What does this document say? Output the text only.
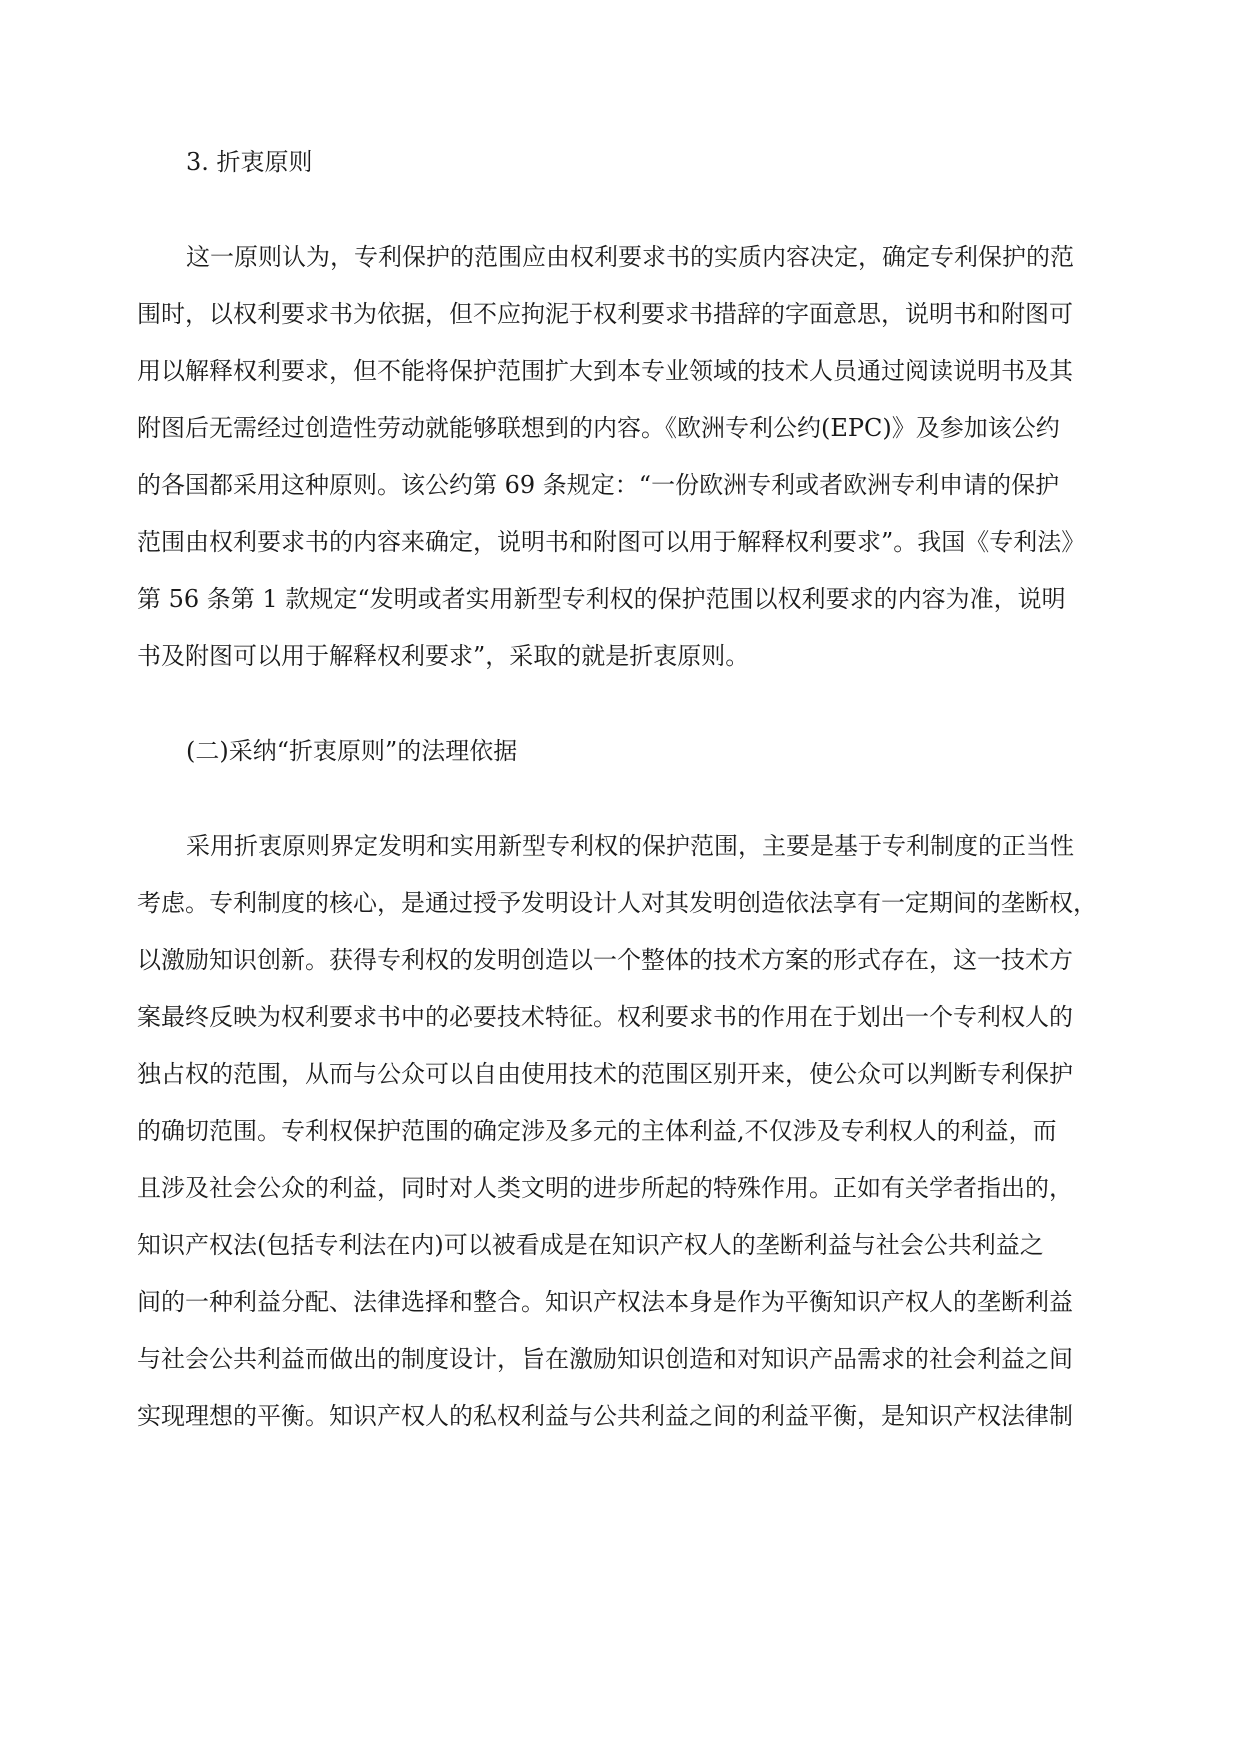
3. 折衷原则
这一原则认为，专利保护的范围应由权利要求书的实质内容决定，确定专利保护的范
围时，以权利要求书为依据，但不应拘泥于权利要求书措辞的字面意思，说明书和附图可
用以解释权利要求，但不能将保护范围扩大到本专业领域的技术人员通过阅读说明书及其
附图后无需经过创造性劳动就能够联想到的内容。《欧洲专利公约(EPC)》及参加该公约
的各国都采用这种原则。该公约第 69 条规定：“一份欧洲专利或者欧洲专利申请的保护
范围由权利要求书的内容来确定，说明书和附图可以用于解释权利要求”。我国《专利法》
第 56 条第 1 款规定“发明或者实用新型专利权的保护范围以权利要求的内容为准，说明
书及附图可以用于解释权利要求”，采取的就是折衷原则。
(二)采纳“折衷原则”的法理依据
采用折衷原则界定发明和实用新型专利权的保护范围，主要是基于专利制度的正当性
考虑。专利制度的核心，是通过授予发明设计人对其发明创造依法享有一定期间的垄断权，
以激励知识创新。获得专利权的发明创造以一个整体的技术方案的形式存在，这一技术方
案最终反映为权利要求书中的必要技术特征。权利要求书的作用在于划出一个专利权人的
独占权的范围，从而与公众可以自由使用技术的范围区别开来，使公众可以判断专利保护
的确切范围。专利权保护范围的确定涉及多元的主体利益,不仅涉及专利权人的利益，而
且涉及社会公众的利益，同时对人类文明的进步所起的特殊作用。正如有关学者指出的，
知识产权法(包括专利法在内)可以被看成是在知识产权人的垄断利益与社会公共利益之
间的一种利益分配、法律选择和整合。知识产权法本身是作为平衡知识产权人的垄断利益
与社会公共利益而做出的制度设计，旨在激励知识创造和对知识产品需求的社会利益之间
实现理想的平衡。知识产权人的私权利益与公共利益之间的利益平衡，是知识产权法律制
